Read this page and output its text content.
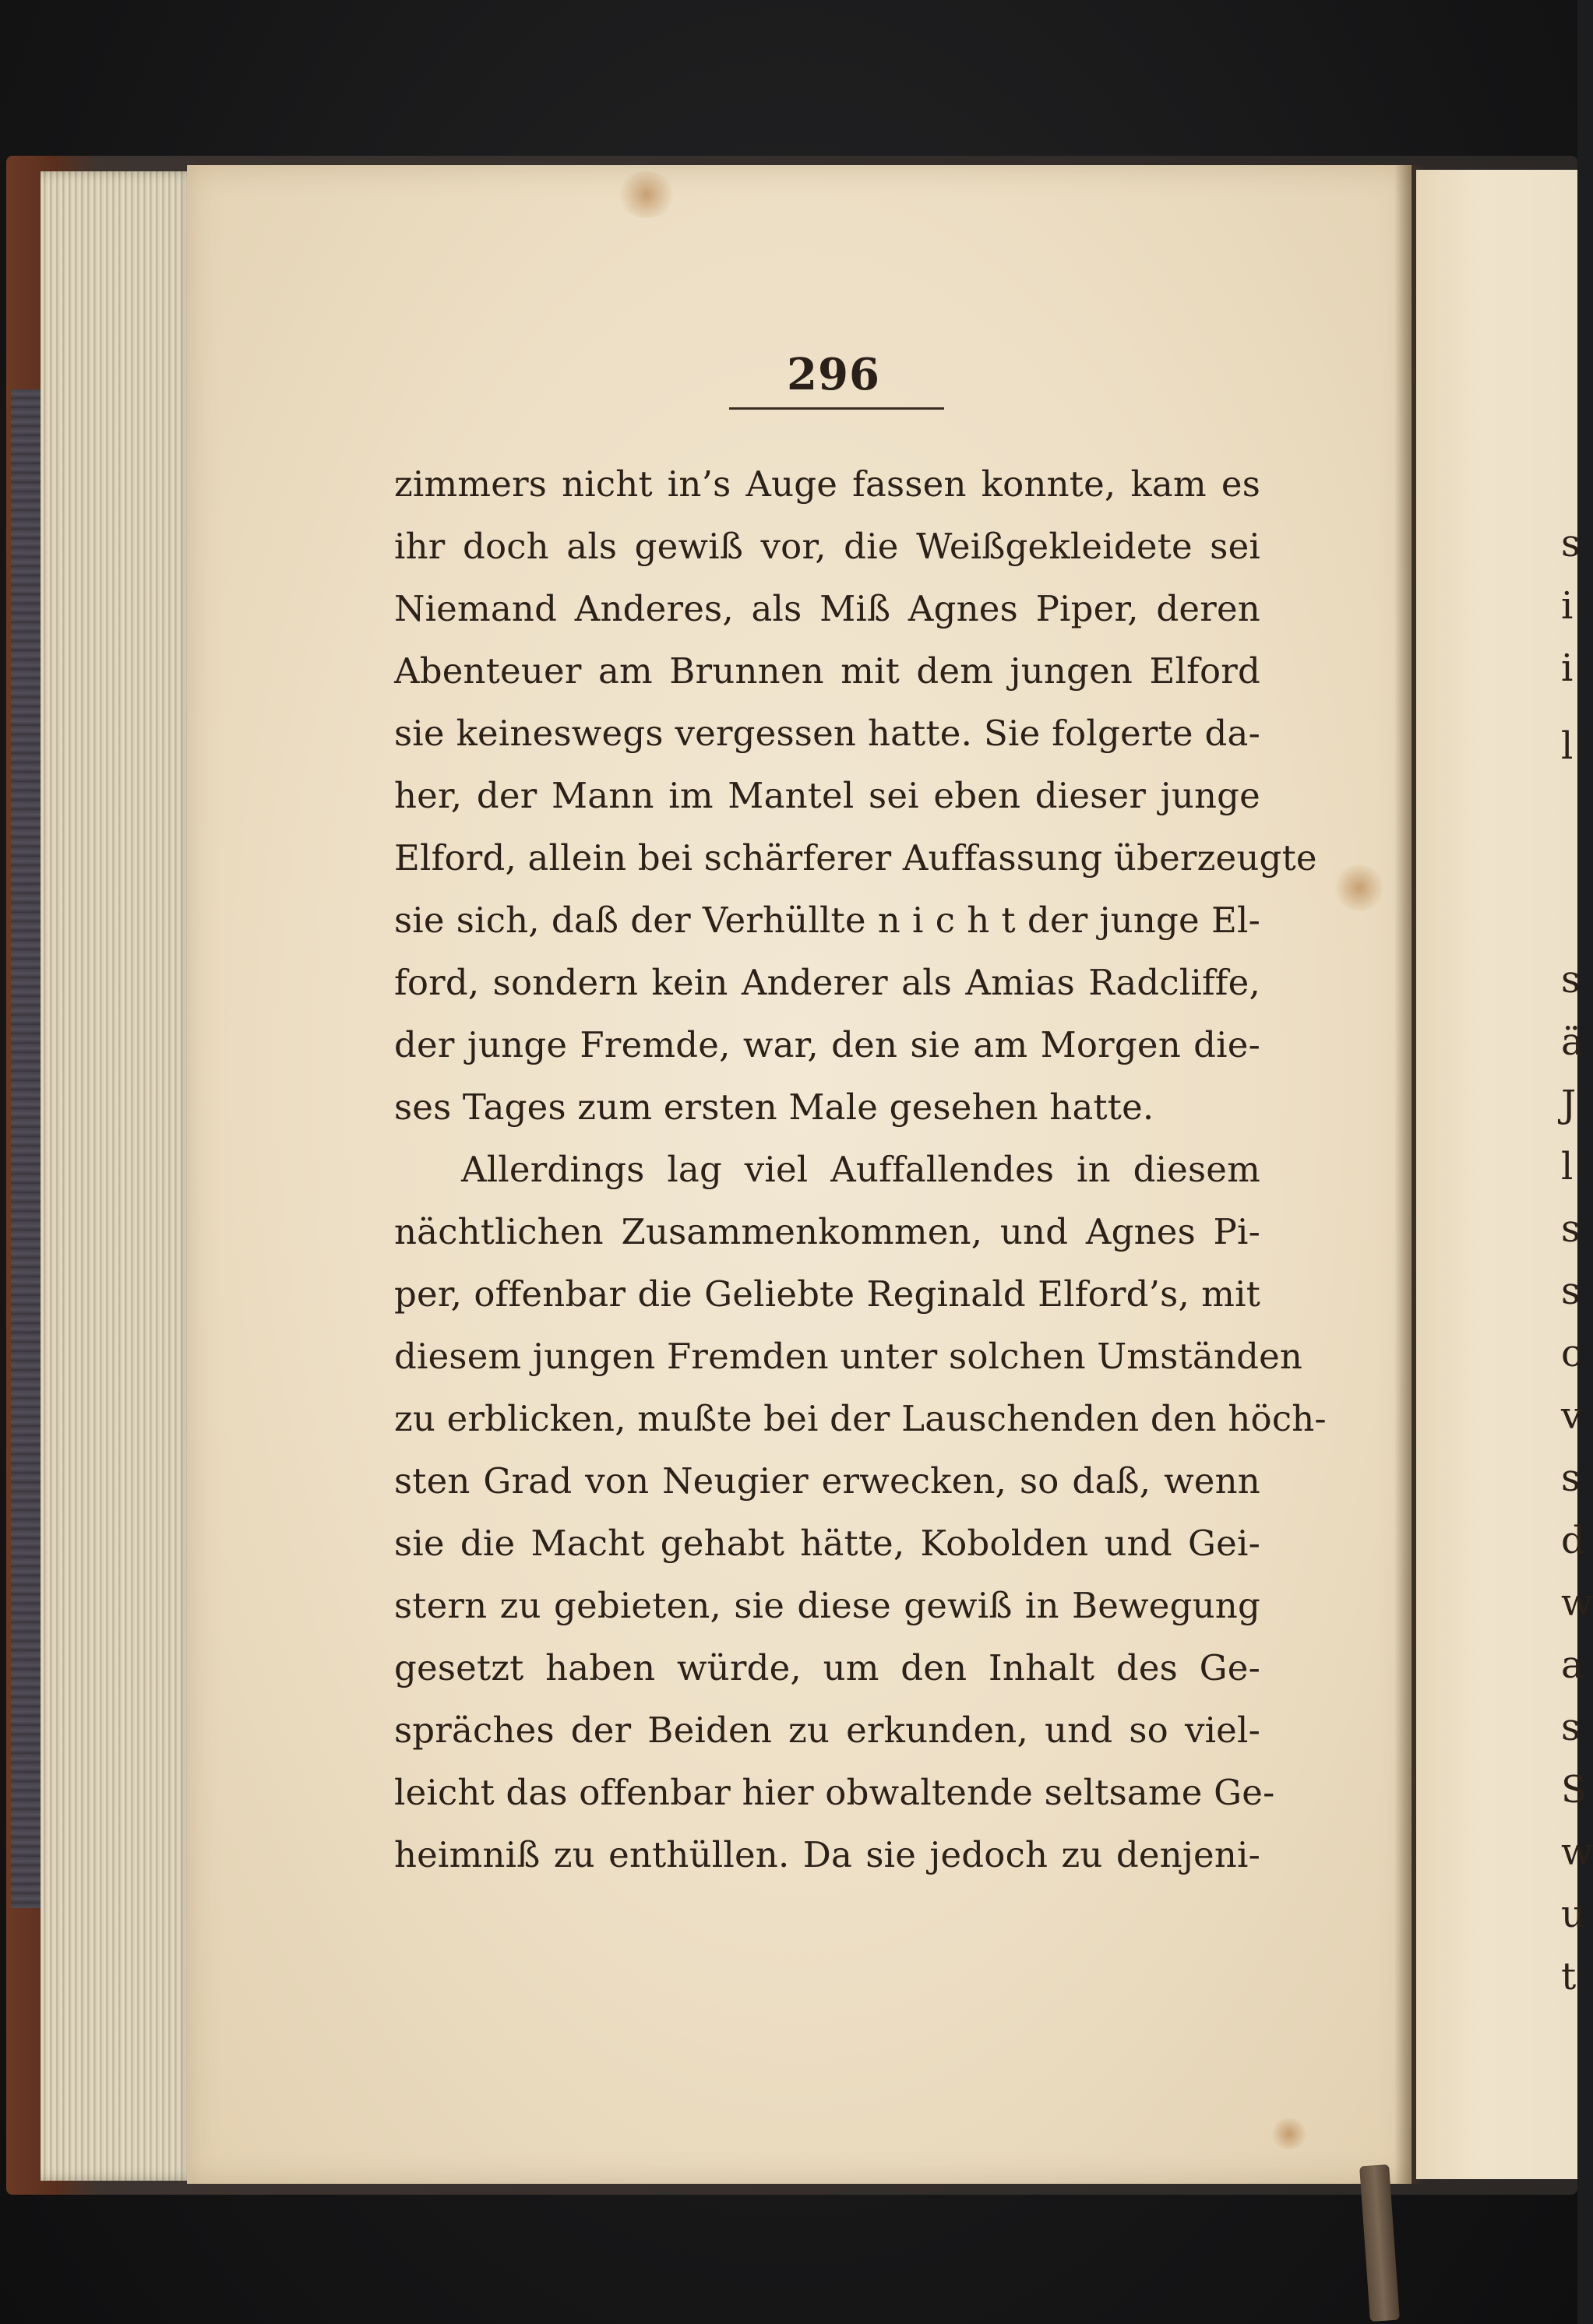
s
i
i
l
s
ä
J
l
s
s
c
v
s
d
w
a
s
S
w
u
t
296
zimmers nicht in’s Auge fassen konnte, kam es
ihr doch als gewiß vor, die Weißgekleidete sei
Niemand Anderes, als Miß Agnes Piper, deren
Abenteuer am Brunnen mit dem jungen Elford
sie keineswegs vergessen hatte. Sie folgerte da-
her, der Mann im Mantel sei eben dieser junge
Elford, allein bei schärferer Auffassung überzeugte
sie sich, daß der Verhüllte n i c h t der junge El-
ford, sondern kein Anderer als Amias Radcliffe,
der junge Fremde, war, den sie am Morgen die-
ses Tages zum ersten Male gesehen hatte.
Allerdings lag viel Auffallendes in diesem
nächtlichen Zusammenkommen, und Agnes Pi-
per, offenbar die Geliebte Reginald Elford’s, mit
diesem jungen Fremden unter solchen Umständen
zu erblicken, mußte bei der Lauschenden den höch-
sten Grad von Neugier erwecken, so daß, wenn
sie die Macht gehabt hätte, Kobolden und Gei-
stern zu gebieten, sie diese gewiß in Bewegung
gesetzt haben würde, um den Inhalt des Ge-
spräches der Beiden zu erkunden, und so viel-
leicht das offenbar hier obwaltende seltsame Ge-
heimniß zu enthüllen. Da sie jedoch zu denjeni-
